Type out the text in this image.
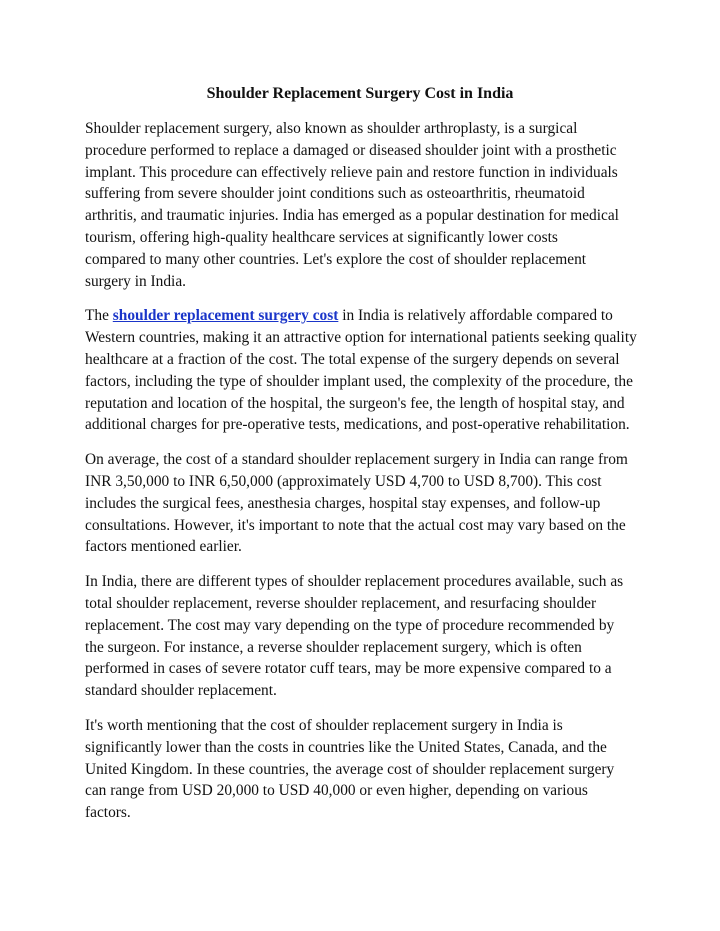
Shoulder Replacement Surgery Cost in India

Shoulder replacement surgery, also known as shoulder arthroplasty, is a surgical procedure performed to replace a damaged or diseased shoulder joint with a prosthetic implant. This procedure can effectively relieve pain and restore function in individuals suffering from severe shoulder joint conditions such as osteoarthritis, rheumatoid arthritis, and traumatic injuries. India has emerged as a popular destination for medical tourism, offering high-quality healthcare services at significantly lower costs compared to many other countries. Let's explore the cost of shoulder replacement surgery in India.

The shoulder replacement surgery cost in India is relatively affordable compared to Western countries, making it an attractive option for international patients seeking quality healthcare at a fraction of the cost. The total expense of the surgery depends on several factors, including the type of shoulder implant used, the complexity of the procedure, the reputation and location of the hospital, the surgeon's fee, the length of hospital stay, and additional charges for pre-operative tests, medications, and post-operative rehabilitation.

On average, the cost of a standard shoulder replacement surgery in India can range from INR 3,50,000 to INR 6,50,000 (approximately USD 4,700 to USD 8,700). This cost includes the surgical fees, anesthesia charges, hospital stay expenses, and follow-up consultations. However, it's important to note that the actual cost may vary based on the factors mentioned earlier.

In India, there are different types of shoulder replacement procedures available, such as total shoulder replacement, reverse shoulder replacement, and resurfacing shoulder replacement. The cost may vary depending on the type of procedure recommended by the surgeon. For instance, a reverse shoulder replacement surgery, which is often performed in cases of severe rotator cuff tears, may be more expensive compared to a standard shoulder replacement.

It's worth mentioning that the cost of shoulder replacement surgery in India is significantly lower than the costs in countries like the United States, Canada, and the United Kingdom. In these countries, the average cost of shoulder replacement surgery can range from USD 20,000 to USD 40,000 or even higher, depending on various factors.
